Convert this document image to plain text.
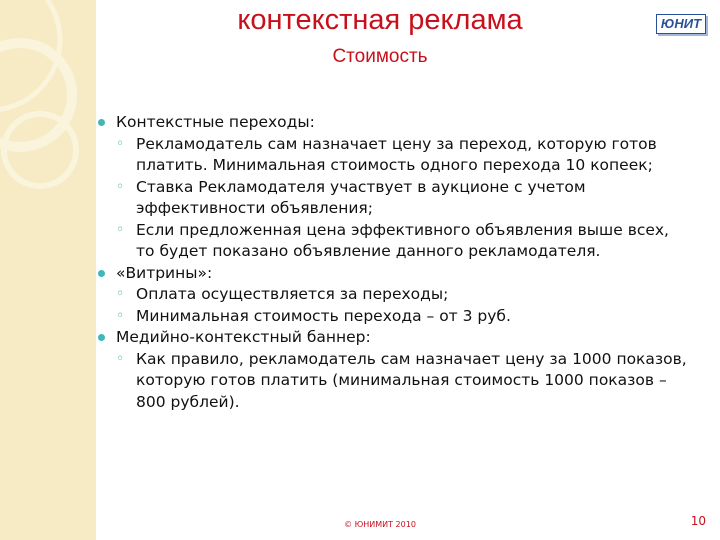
контекстная реклама
Стоимость
ЮНИТ
Контекстные переходы:
◦ Рекламодатель сам назначает цену за переход, которую готов платить. Минимальная стоимость одного перехода 10 копеек;
◦ Ставка Рекламодателя участвует в аукционе с учетом эффективности объявления;
◦ Если предложенная цена эффективного объявления выше всех, то будет показано объявление данного рекламодателя.
«Витрины»:
◦ Оплата осуществляется за переходы;
◦ Минимальная стоимость перехода – от 3 руб.
Медийно-контекстный баннер:
◦ Как правило, рекламодатель сам назначает цену за 1000 показов, которую готов платить (минимальная стоимость 1000 показов – 800 рублей).
© ЮНИМИТ 2010	10
